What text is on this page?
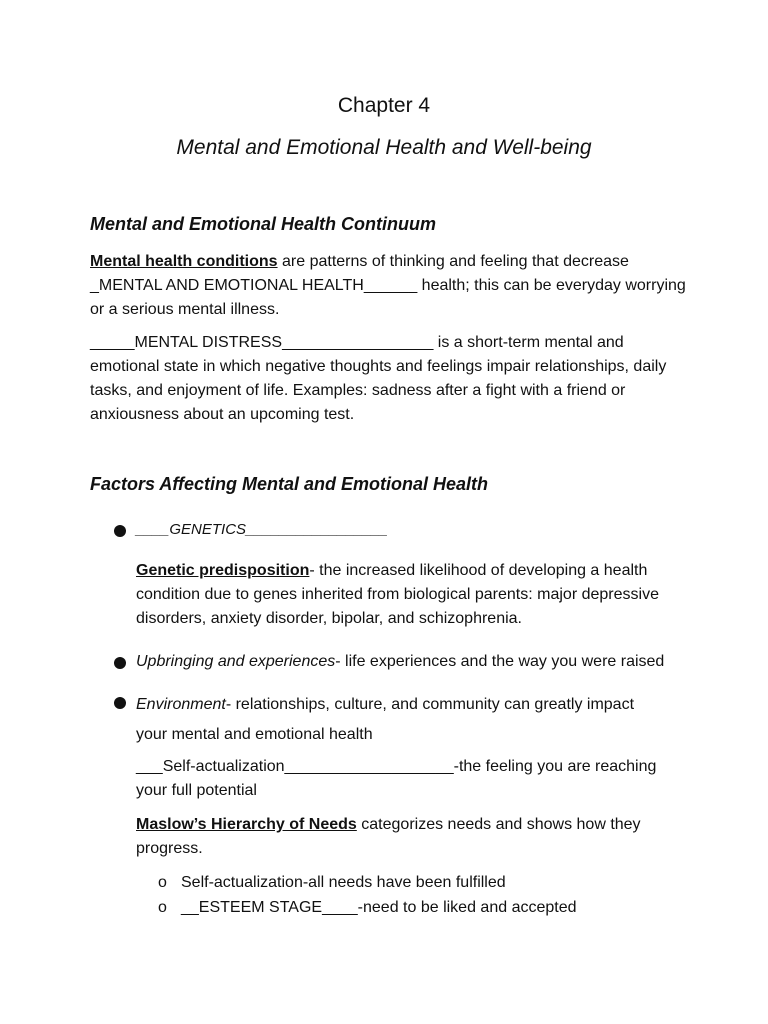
Chapter 4

Mental and Emotional Health and Well-being

Mental and Emotional Health Continuum

Mental health conditions are patterns of thinking and feeling that decrease
_MENTAL AND EMOTIONAL HEALTH______ health; this can be everyday worrying
or a serious mental illness.
_____MENTAL DISTRESS_________________ is a short-term mental and
emotional state in which negative thoughts and feelings impair relationships, daily
tasks, and enjoyment of life. Examples: sadness after a fight with a friend or
anxiousness about an upcoming test.

Factors Affecting Mental and Emotional Health

____GENETICS_________________
Genetic predisposition- the increased likelihood of developing a health
condition due to genes inherited from biological parents: major depressive
disorders, anxiety disorder, bipolar, and schizophrenia.
Upbringing and experiences- life experiences and the way you were raised
Environment- relationships, culture, and community can greatly impact
your mental and emotional health
___Self-actualization___________________-the feeling you are reaching
your full potential
Maslow’s Hierarchy of Needs categorizes needs and shows how they
progress.
o Self-actualization-all needs have been fulfilled
o __ESTEEM STAGE____-need to be liked and accepted
